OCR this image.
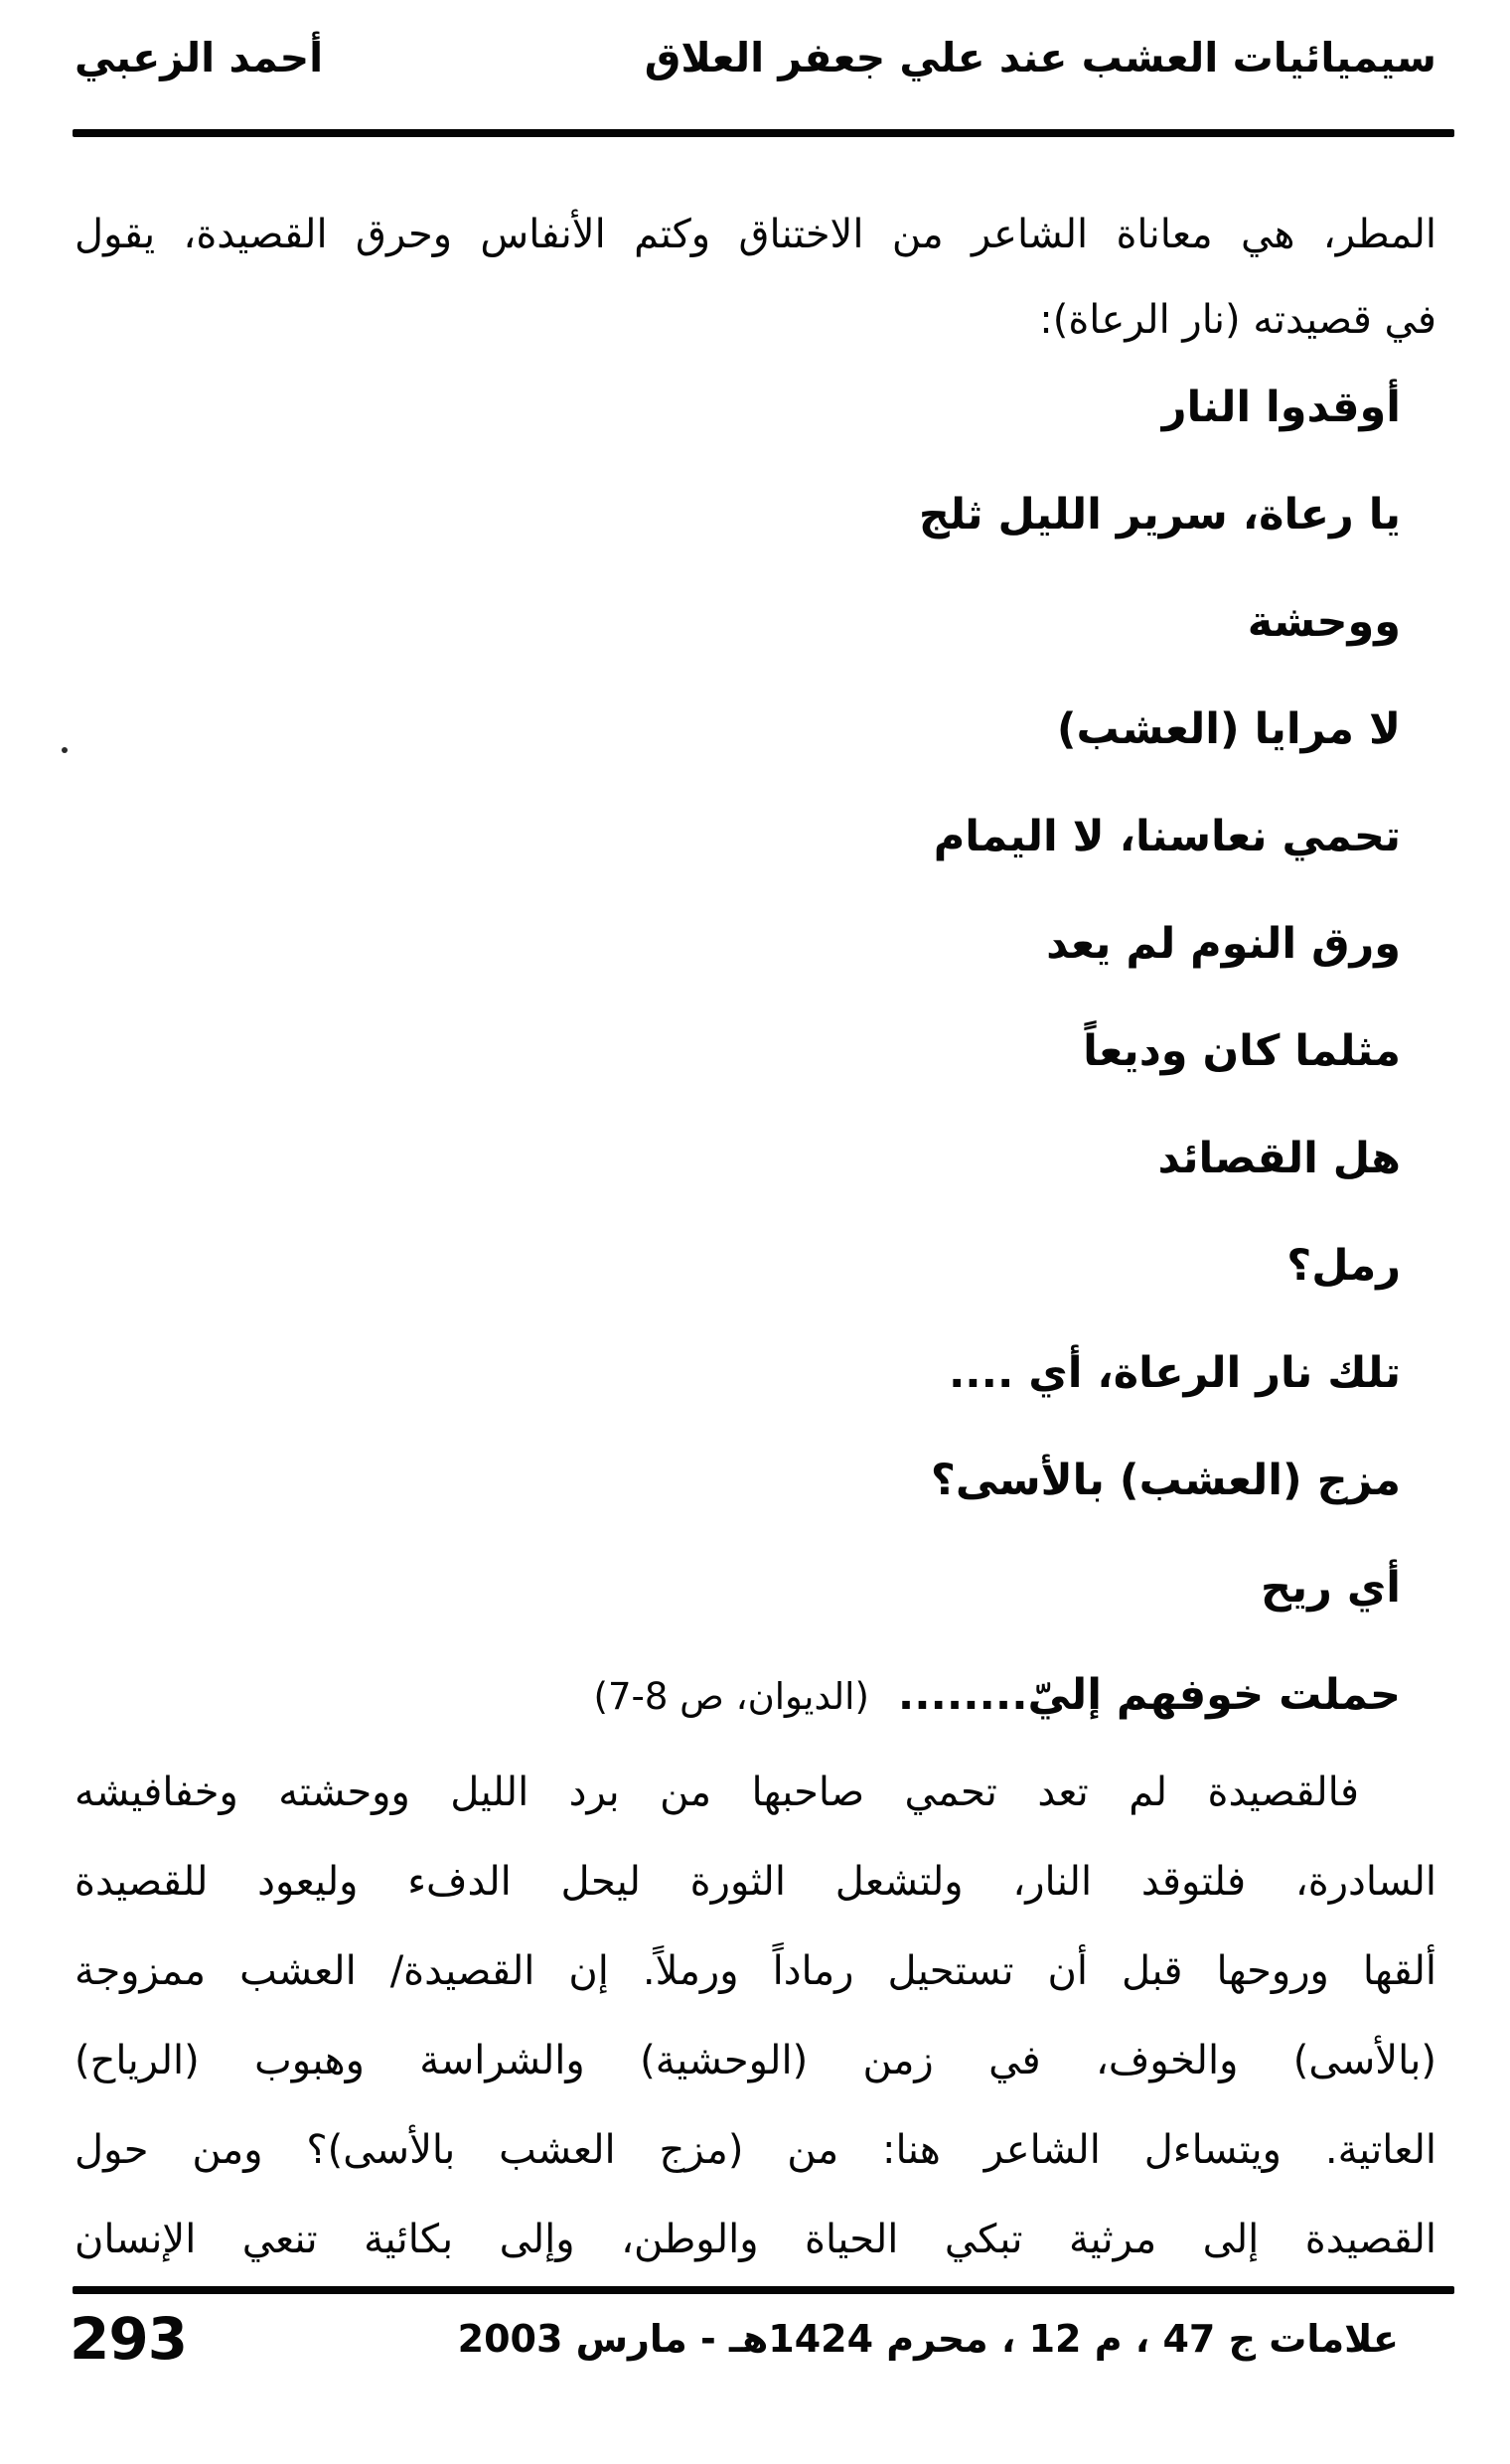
سيميائيات العشب عند علي جعفر العلاق
أحمد الزعبي
المطر، هي معاناة الشاعر من الاختناق وكتم الأنفاس وحرق القصيدة، يقول
في قصيدته (نار الرعاة):
أوقدوا النار
يا رعاة، سرير الليل ثلج
ووحشة
لا مرايا (العشب)
تحمي نعاسنا، لا اليمام
ورق النوم لم يعد
مثلما كان وديعاً
هل القصائد
رمل؟
تلك نار الرعاة، أي ....
مزج (العشب) بالأسى؟
أي ريح
حملت خوفهم إليّ........ (الديوان، ص 8-7)
فالقصيدة لم تعد تحمي صاحبها من برد الليل ووحشته وخفافيشه
السادرة، فلتوقد النار، ولتشعل الثورة ليحل الدفء وليعود للقصيدة
ألقها وروحها قبل أن تستحيل رماداً ورملاً. إن القصيدة/ العشب ممزوجة
(بالأسى) والخوف، في زمن (الوحشية) والشراسة وهبوب (الرياح)
العاتية. ويتساءل الشاعر هنا: من (مزج العشب بالأسى)؟ ومن حول
القصيدة إلى مرثية تبكي الحياة والوطن، وإلى بكائية تنعي الإنسان
علامات ج 47 ، م 12 ، محرم 1424هـ - مارس 2003
293
